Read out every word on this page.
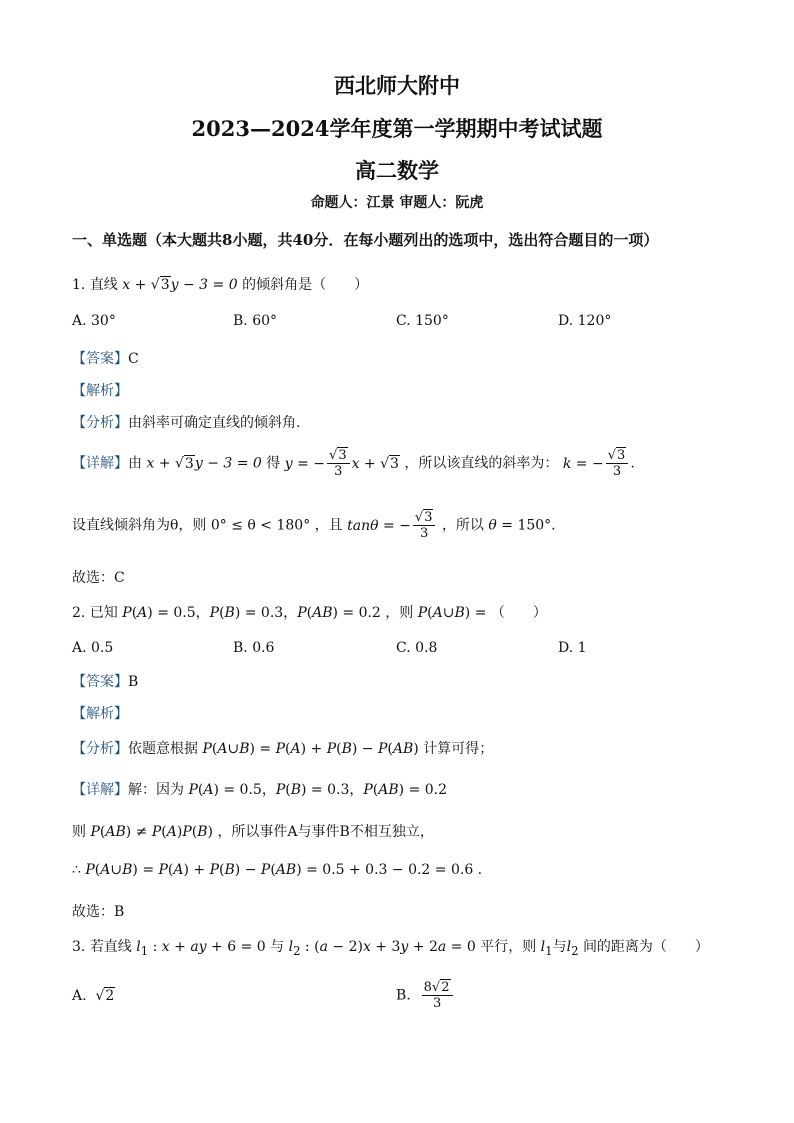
西北师大附中
2023—2024学年度第一学期期中考试试题
高二数学
命题人：江景 审题人：阮虎
一、单选题（本大题共8小题，共40分．在每小题列出的选项中，选出符合题目的一项）
1. 直线 x + √3y − 3 = 0 的倾斜角是（　　）
A. 30°	B. 60°	C. 150°	D. 120°
【答案】C
【解析】
【分析】由斜率可确定直线的倾斜角.
【详解】由 x + √3y − 3 = 0 得 y = − $\frac{√3}{3}$ x + √3 ，所以该直线的斜率为： k = − $\frac{√3}{3}$ .
设直线倾斜角为θ，则 0° ≤ θ < 180° ，且 tanθ = − $\frac{√3}{3}$ ，所以 θ = 150°.
故选：C
2. 已知 P(A) = 0.5，P(B) = 0.3，P(AB) = 0.2 ，则 P(A∪B) = （　　）
A. 0.5	B. 0.6	C. 0.8	D. 1
【答案】B
【解析】
【分析】依题意根据 P(A∪B) = P(A) + P(B) − P(AB) 计算可得；
【详解】解：因为 P(A) = 0.5，P(B) = 0.3，P(AB) = 0.2
则 P(AB) ≠ P(A)P(B) ，所以事件A与事件B不相互独立，
∴ P(A∪B) = P(A) + P(B) − P(AB) = 0.5 + 0.3 − 0.2 = 0.6 .
故选：B
3. 若直线 $l_1$ : x + ay + 6 = 0 与 $l_2$ : (a − 2)x + 3y + 2a = 0 平行，则 $l_1$与$l_2$ 间的距离为（　　）
A.  √2	B. $\frac{8√2}{3}$
